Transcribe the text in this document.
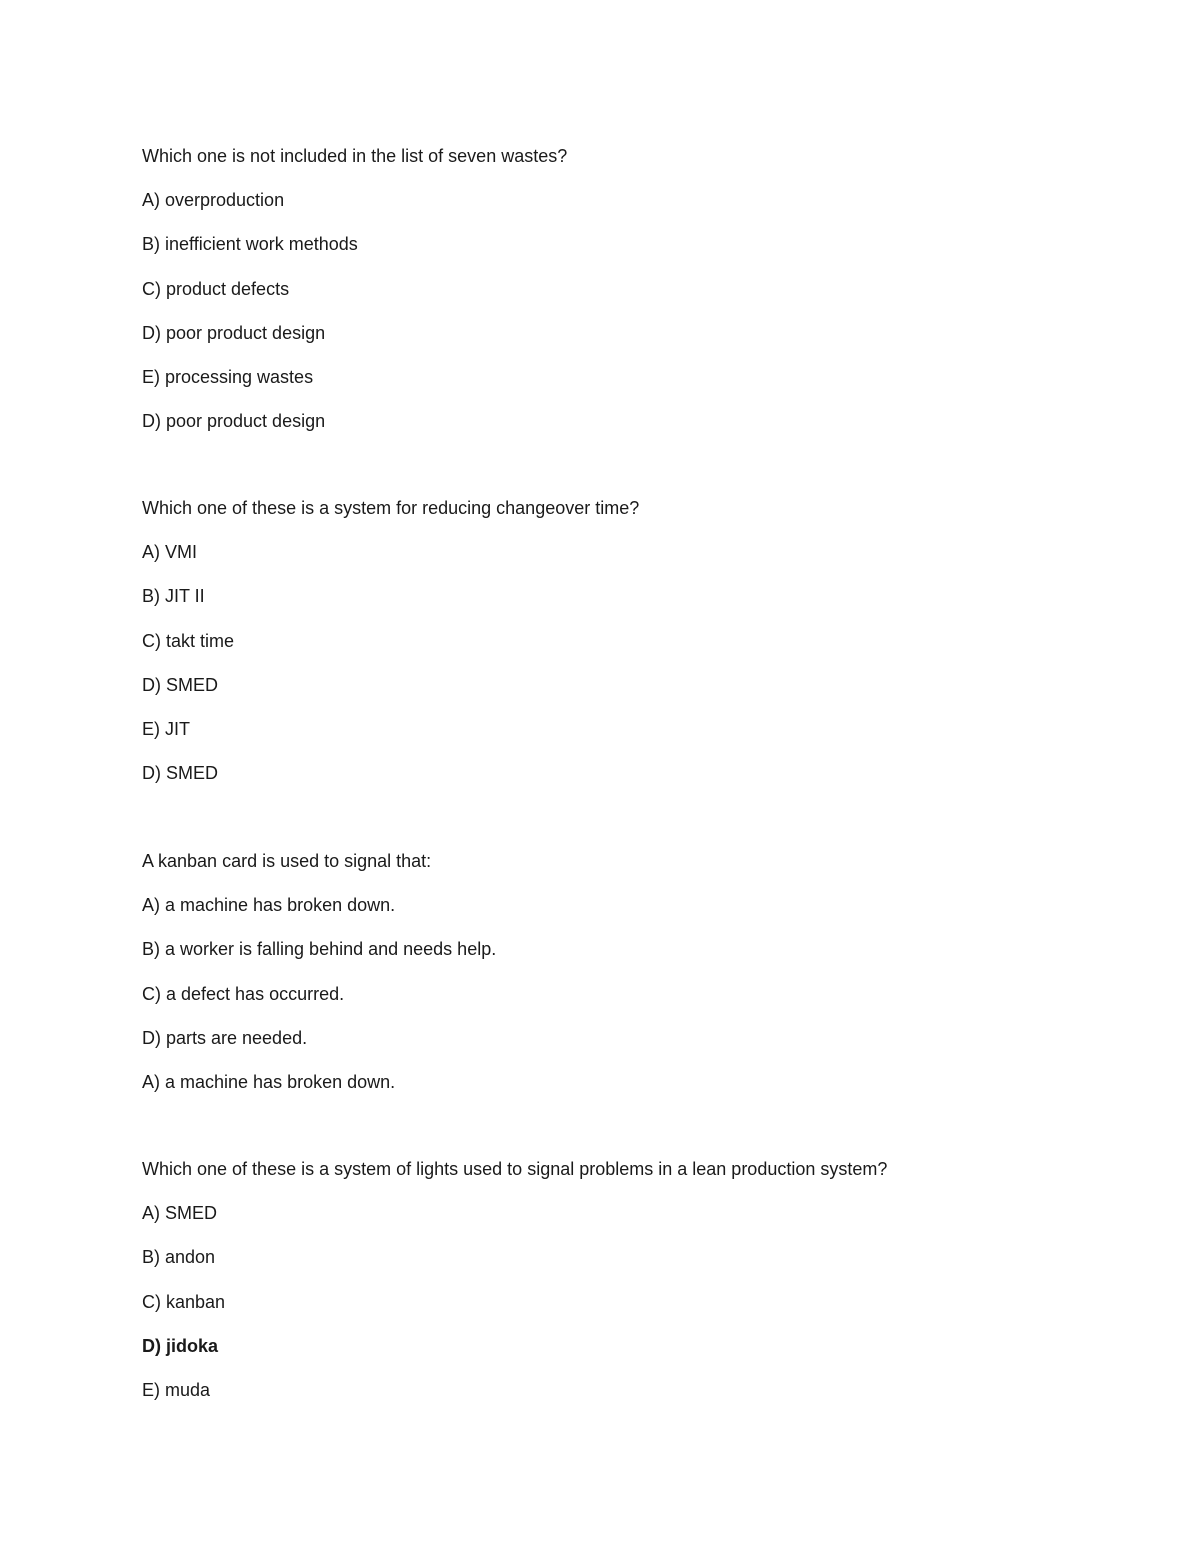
Which one is not included in the list of seven wastes?
A) overproduction
B) inefficient work methods
C) product defects
D) poor product design
E) processing wastes
D) poor product design
Which one of these is a system for reducing changeover time?
A) VMI
B) JIT II
C) takt time
D) SMED
E) JIT
D) SMED
A kanban card is used to signal that:
A) a machine has broken down.
B) a worker is falling behind and needs help.
C) a defect has occurred.
D) parts are needed.
A) a machine has broken down.
Which one of these is a system of lights used to signal problems in a lean production system?
A) SMED
B) andon
C) kanban
D) jidoka
E) muda
